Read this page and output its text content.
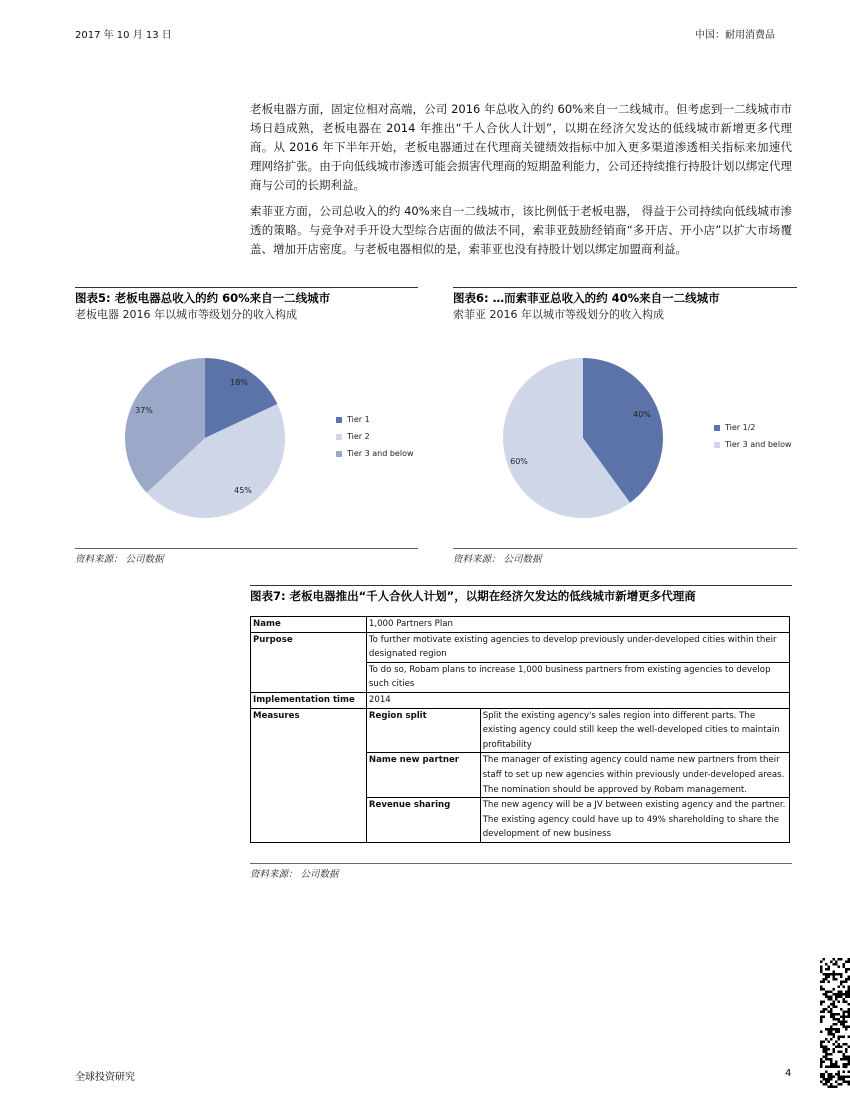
2017 年 10 月 13 日	中国：耐用消费品

老板电器方面，固定位相对高端，公司 2016 年总收入的约 60%来自一二线城市。但考虑到一二线城市市场日趋成熟，老板电器在 2014 年推出“千人合伙人计划”，以期在经济欠发达的低线城市新增更多代理商。从 2016 年下半年开始，老板电器通过在代理商关键绩效指标中加入更多渠道渗透相关指标来加速代理网络扩张。由于向低线城市渗透可能会损害代理商的短期盈利能力，公司还持续推行持股计划以绑定代理商与公司的长期利益。

索菲亚方面，公司总收入的约 40%来自一二线城市，该比例低于老板电器， 得益于公司持续向低线城市渗透的策略。与竞争对手开设大型综合店面的做法不同，索菲亚鼓励经销商“多开店、开小店”以扩大市场覆盖、增加开店密度。与老板电器相似的是，索菲亚也没有持股计划以绑定加盟商利益。

图表5: 老板电器总收入的约 60%来自一二线城市
老板电器 2016 年以城市等级划分的收入构成
18%
45%
37%
Tier 1
Tier 2
Tier 3 and below
资料来源： 公司数据
图表6: …而索菲亚总收入的约 40%来自一二线城市
索菲亚 2016 年以城市等级划分的收入构成
40%
60%
Tier 1/2
Tier 3 and below
资料来源： 公司数据
图表7: 老板电器推出“千人合伙人计划”，以期在经济欠发达的低线城市新增更多代理商
Name	1,000 Partners Plan	
Purpose	To further motivate existing agencies to develop previously under-developed cities within their designated region	
	To do so, Robam plans to increase 1,000 business partners from existing agencies to develop such cities	
Implementation time	2014	
Measures	Region split	Split the existing agency's sales region into different parts. The existing agency could still keep the well-developed cities to maintain profitability
	Name new partner	The manager of existing agency could name new partners from their staff to set up new agencies within previously under-developed areas. The nomination should be approved by Robam management.
	Revenue sharing	The new agency will be a JV between existing agency and the partner. The existing agency could have up to 49% shareholding to share the development of new business
资料来源： 公司数据
全球投资研究	4
